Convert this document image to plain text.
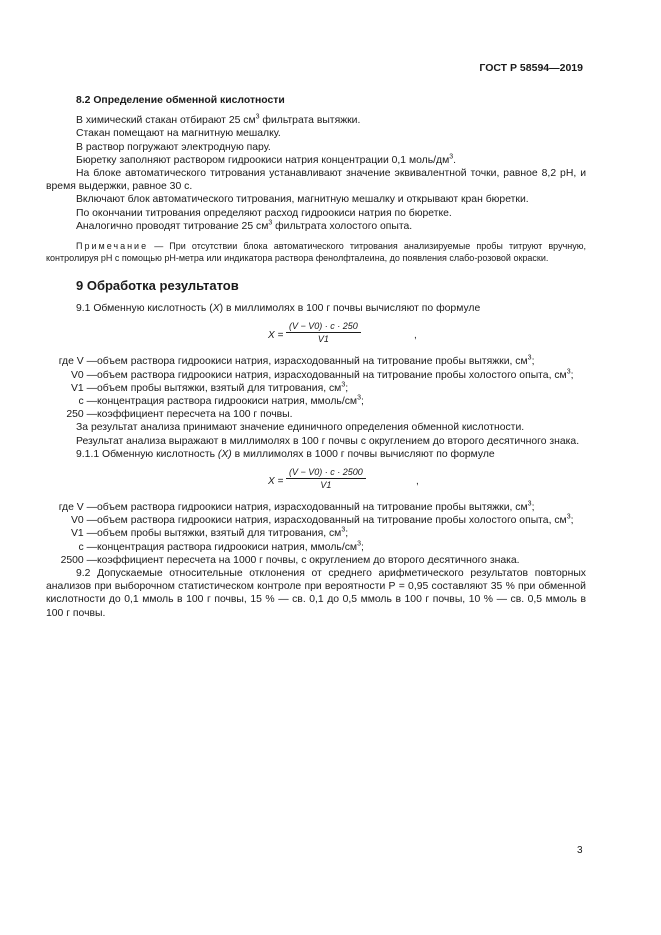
ГОСТ Р 58594—2019

8.2 Определение обменной кислотности

В химический стакан отбирают 25 $см^3$ фильтрата вытяжки.

Стакан помещают на магнитную мешалку.

В раствор погружают электродную пару.

Бюретку заполняют раствором гидроокиси натрия концентрации 0,1 моль/$дм^3$.

На блоке автоматического титрования устанавливают значение эквивалентной точки, равное 8,2 рН, и время выдержки, равное 30 с.

Включают блок автоматического титрования, магнитную мешалку и открывают кран бюретки.

По окончании титрования определяют расход гидроокиси натрия по бюретке.

Аналогично проводят титрование 25 $см^3$ фильтрата холостого опыта.

Примечание — При отсутствии блока автоматического титрования анализируемые пробы титруют вручную, контролируя рН с помощью рН-метра или индикатора раствора фенолфталеина, до появления слабо-розовой окраски.

9 Обработка результатов

9.1 Обменную кислотность (X) в миллимолях в 100 г почвы вычисляют по формуле

$X = \frac{(V - V0) \cdot c \cdot 250}{V1}$	,
где V — объем раствора гидроокиси натрия, израсходованный на титрование пробы вытяжки, $см^3$;
V0 — объем раствора гидроокиси натрия, израсходованный на титрование пробы холостого опыта, $см^3$;
V1 — объем пробы вытяжки, взятый для титрования, $см^3$;
c — концентрация раствора гидроокиси натрия, ммоль/$см^3$;
250 — коэффициент пересчета на 100 г почвы.

За результат анализа принимают значение единичного определения обменной кислотности.

Результат анализа выражают в миллимолях в 100 г почвы с округлением до второго десятичного знака.

9.1.1 Обменную кислотность (X) в миллимолях в 1000 г почвы вычисляют по формуле

$X = \frac{(V - V0) \cdot c \cdot 2500}{V1}$	,
где V — объем раствора гидроокиси натрия, израсходованный на титрование пробы вытяжки, $см^3$;
V0 — объем раствора гидроокиси натрия, израсходованный на титрование пробы холостого опыта, $см^3$;
V1 — объем пробы вытяжки, взятый для титрования, $см^3$;
c — концентрация раствора гидроокиси натрия, ммоль/$см^3$;
2500 — коэффициент пересчета на 1000 г почвы, с округлением до второго десятичного знака.

9.2 Допускаемые относительные отклонения от среднего арифметического результатов повторных анализов при выборочном статистическом контроле при вероятности Р = 0,95 составляют 35 % при обменной кислотности до 0,1 ммоль в 100 г почвы, 15 % — св. 0,1 до 0,5 ммоль в 100 г почвы, 10 % — св. 0,5 ммоль в 100 г почвы.

3
